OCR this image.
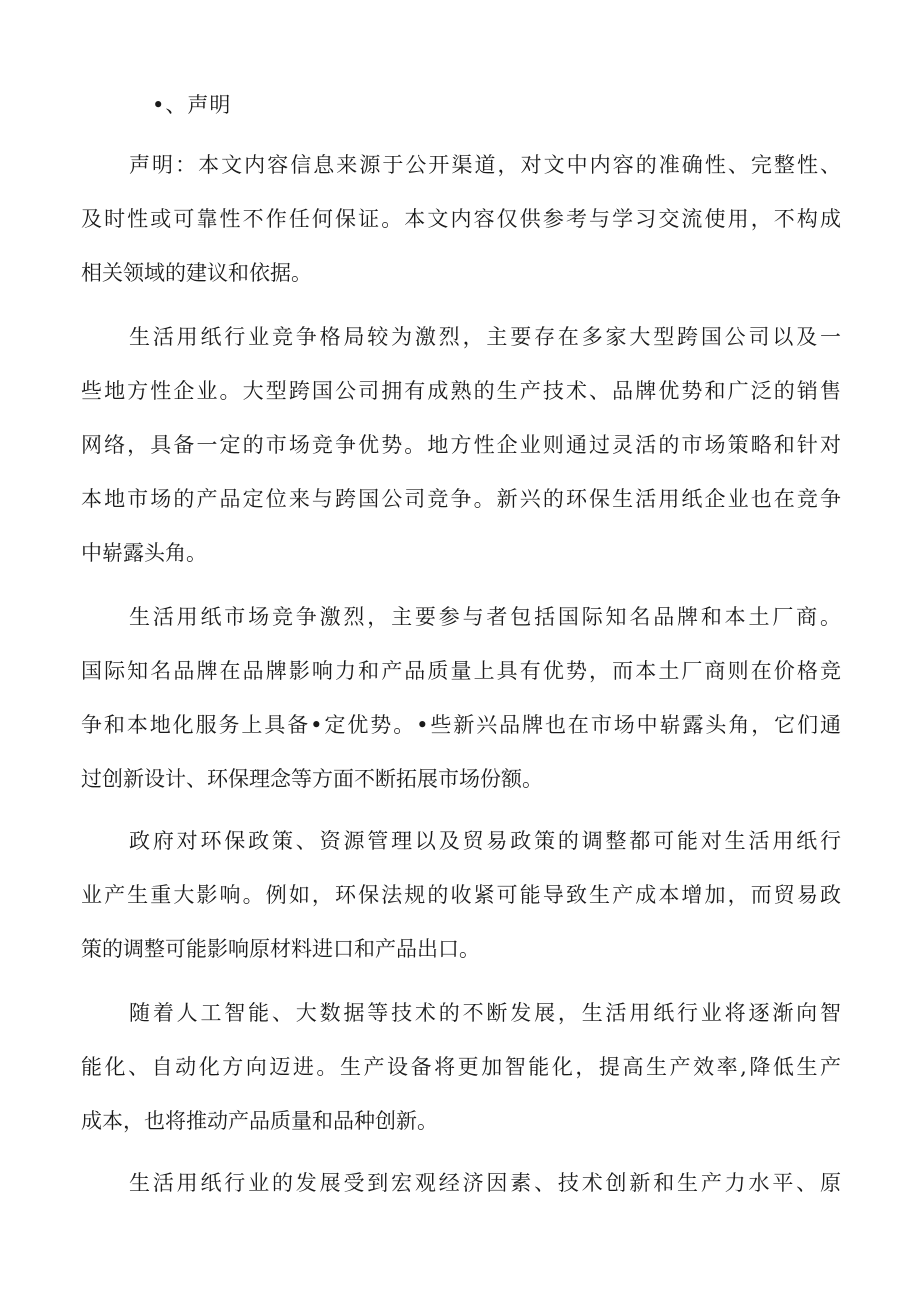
•、声明
声明：本文内容信息来源于公开渠道，对文中内容的准确性、完整性、
及时性或可靠性不作任何保证。本文内容仅供参考与学习交流使用，不构成
相关领域的建议和依据。
生活用纸行业竞争格局较为激烈，主要存在多家大型跨国公司以及一
些地方性企业。大型跨国公司拥有成熟的生产技术、品牌优势和广泛的销售
网络，具备一定的市场竞争优势。地方性企业则通过灵活的市场策略和针对
本地市场的产品定位来与跨国公司竞争。新兴的环保生活用纸企业也在竞争
中崭露头角。
生活用纸市场竞争激烈，主要参与者包括国际知名品牌和本土厂商。
国际知名品牌在品牌影响力和产品质量上具有优势，而本土厂商则在价格竞
争和本地化服务上具备•定优势。•些新兴品牌也在市场中崭露头角，它们通
过创新设计、环保理念等方面不断拓展市场份额。
政府对环保政策、资源管理以及贸易政策的调整都可能对生活用纸行
业产生重大影响。例如，环保法规的收紧可能导致生产成本增加，而贸易政
策的调整可能影响原材料进口和产品出口。
随着人工智能、大数据等技术的不断发展，生活用纸行业将逐渐向智
能化、自动化方向迈进。生产设备将更加智能化，提高生产效率,降低生产
成本，也将推动产品质量和品种创新。
生活用纸行业的发展受到宏观经济因素、技术创新和生产力水平、原
